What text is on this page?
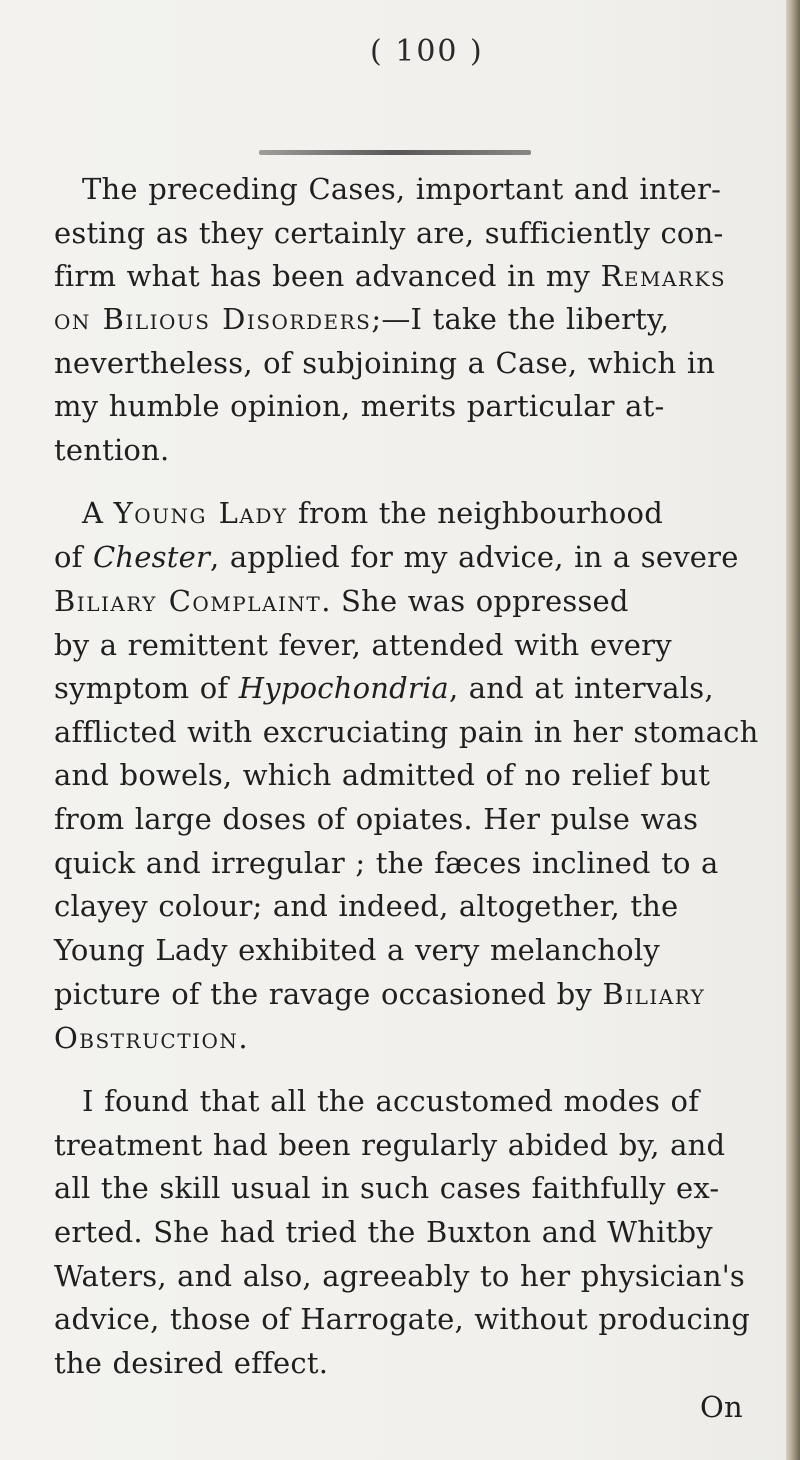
( 100 )
The preceding Cases, important and inter-
esting as they certainly are, sufficiently con-
firm what has been advanced in my Remarks
on Bilious Disorders;—I take the liberty,
nevertheless, of subjoining a Case, which in
my humble opinion, merits particular at-
tention.
A Young Lady from the neighbourhood
of Chester, applied for my advice, in a severe
Biliary Complaint. She was oppressed
by a remittent fever, attended with every
symptom of Hypochondria, and at intervals,
afflicted with excruciating pain in her stomach
and bowels, which admitted of no relief but
from large doses of opiates. Her pulse was
quick and irregular ; the fæces inclined to a
clayey colour; and indeed, altogether, the
Young Lady exhibited a very melancholy
picture of the ravage occasioned by Biliary
Obstruction.
I found that all the accustomed modes of
treatment had been regularly abided by, and
all the skill usual in such cases faithfully ex-
erted. She had tried the Buxton and Whitby
Waters, and also, agreeably to her physician's
advice, those of Harrogate, without producing
the desired effect.
On
